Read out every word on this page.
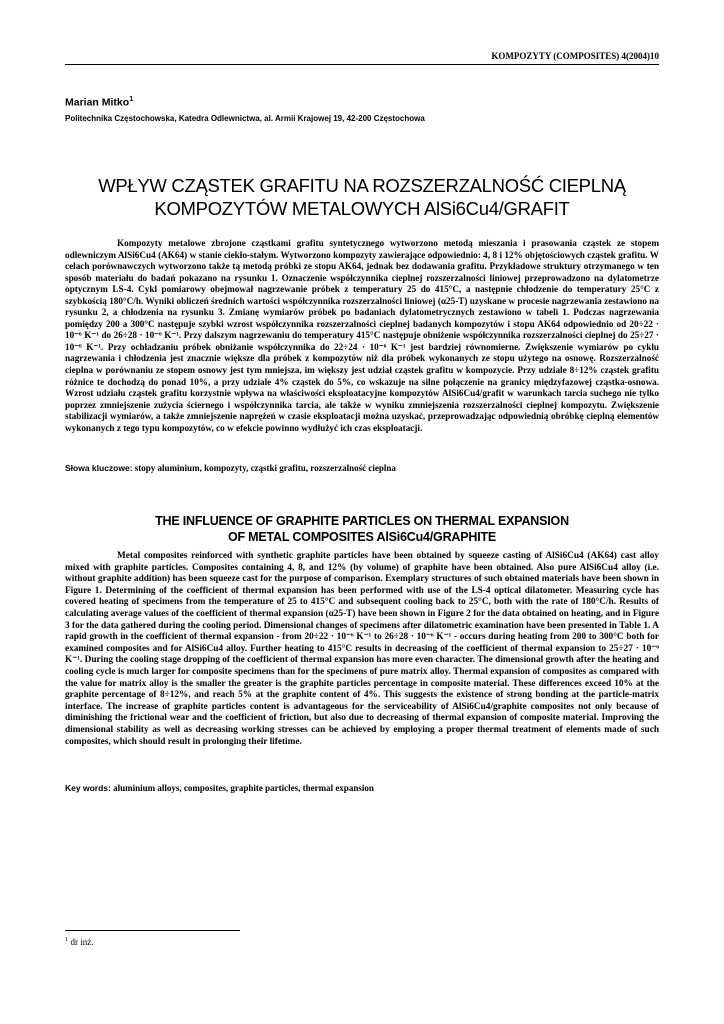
KOMPOZYTY (COMPOSITES) 4(2004)10
Marian Mitko$^1$
Politechnika Częstochowska, Katedra Odlewnictwa, al. Armii Krajowej 19, 42-200 Częstochowa
WPŁYW CZĄSTEK GRAFITU NA ROZSZERZALNOŚĆ CIEPLNĄ
KOMPOZYTÓW METALOWYCH AlSi6Cu4/GRAFIT

Kompozyty metalowe zbrojone cząstkami grafitu syntetycznego wytworzono metodą mieszania i prasowania cząstek ze stopem odlewniczym AlSi6Cu4 (AK64) w stanie ciekło-stałym. Wytworzono kompozyty zawierające odpowiednio: 4, 8 i 12% objętościowych cząstek grafitu. W celach porównawczych wytworzono także tą metodą próbki ze stopu AK64, jednak bez dodawania grafitu. Przykładowe struktury otrzymanego w ten sposób materiału do badań pokazano na rysunku 1. Oznaczenie współczynnika cieplnej rozszerzalności liniowej przeprowadzono na dylatometrze optycznym LS-4. Cykl pomiarowy obejmował nagrzewanie próbek z temperatury 25 do 415°C, a następnie chłodzenie do temperatury 25°C z szybkością 180°C/h. Wyniki obliczeń średnich wartości współczynnika rozszerzalności liniowej (α25-T) uzyskane w procesie nagrzewania zestawiono na rysunku 2, a chłodzenia na rysunku 3. Zmianę wymiarów próbek po badaniach dylatometrycznych zestawiono w tabeli 1. Podczas nagrzewania pomiędzy 200 a 300°C następuje szybki wzrost współczynnika rozszerzalności cieplnej badanych kompozytów i stopu AK64 odpowiednio od 20÷22 · 10⁻⁶ K⁻¹ do 26÷28 · 10⁻⁶ K⁻¹. Przy dalszym nagrzewaniu do temperatury 415°C następuje obniżenie współczynnika rozszerzalności cieplnej do 25÷27 · 10⁻⁶ K⁻¹. Przy ochładzaniu próbek obniżanie współczynnika do 22÷24 · 10⁻⁶ K⁻¹ jest bardziej równomierne. Zwiększenie wymiarów po cyklu nagrzewania i chłodzenia jest znacznie większe dla próbek z kompozytów niż dla próbek wykonanych ze stopu użytego na osnowę. Rozszerzalność cieplna w porównaniu ze stopem osnowy jest tym mniejsza, im większy jest udział cząstek grafitu w kompozycie. Przy udziale 8÷12% cząstek grafitu różnice te dochodzą do ponad 10%, a przy udziale 4% cząstek do 5%, co wskazuje na silne połączenie na granicy międzyfazowej cząstka-osnowa. Wzrost udziału cząstek grafitu korzystnie wpływa na właściwości eksploatacyjne kompozytów AlSi6Cu4/grafit w warunkach tarcia suchego nie tylko poprzez zmniejszenie zużycia ściernego i współczynnika tarcia, ale także w wyniku zmniejszenia rozszerzalności cieplnej kompozytu. Zwiększenie stabilizacji wymiarów, a także zmniejszenie naprężeń w czasie eksploatacji można uzyskać, przeprowadzając odpowiednią obróbkę cieplną elementów wykonanych z tego typu kompozytów, co w efekcie powinno wydłużyć ich czas eksploatacji.

Słowa kluczowe: stopy aluminium, kompozyty, cząstki grafitu, rozszerzalność cieplna
THE INFLUENCE OF GRAPHITE PARTICLES ON THERMAL EXPANSION
OF METAL COMPOSITES AlSi6Cu4/GRAPHITE

Metal composites reinforced with synthetic graphite particles have been obtained by squeeze casting of AlSi6Cu4 (AK64) cast alloy mixed with graphite particles. Composites containing 4, 8, and 12% (by volume) of graphite have been obtained. Also pure AlSi6Cu4 alloy (i.e. without graphite addition) has been squeeze cast for the purpose of comparison. Exemplary structures of such obtained materials have been shown in Figure 1. Determining of the coefficient of thermal expansion has been performed with use of the LS-4 optical dilatometer. Measuring cycle has covered heating of specimens from the temperature of 25 to 415°C and subsequent cooling back to 25°C, both with the rate of 180°C/h. Results of calculating average values of the coefficient of thermal expansion (α25-T) have been shown in Figure 2 for the data obtained on heating, and in Figure 3 for the data gathered during the cooling period. Dimensional changes of specimens after dilatometric examination have been presented in Table 1. A rapid growth in the coefficient of thermal expansion - from 20÷22 · 10⁻⁶ K⁻¹ to 26÷28 · 10⁻⁶ K⁻¹ - occurs during heating from 200 to 300°C both for examined composites and for AlSi6Cu4 alloy. Further heating to 415°C results in decreasing of the coefficient of thermal expansion to 25÷27 · 10⁻⁶ K⁻¹. During the cooling stage dropping of the coefficient of thermal expansion has more even character. The dimensional growth after the heating and cooling cycle is much larger for composite specimens than for the specimens of pure matrix alloy. Thermal expansion of composites as compared with the value for matrix alloy is the smaller the greater is the graphite particles percentage in composite material. These differences exceed 10% at the graphite percentage of 8÷12%, and reach 5% at the graphite content of 4%. This suggests the existence of strong bonding at the particle-matrix interface. The increase of graphite particles content is advantageous for the serviceability of AlSi6Cu4/graphite composites not only because of diminishing the frictional wear and the coefficient of friction, but also due to decreasing of thermal expansion of composite material. Improving the dimensional stability as well as decreasing working stresses can be achieved by employing a proper thermal treatment of elements made of such composites, which should result in prolonging their lifetime.

Key words: aluminium alloys, composites, graphite particles, thermal expansion
$^1$ dr inż.
